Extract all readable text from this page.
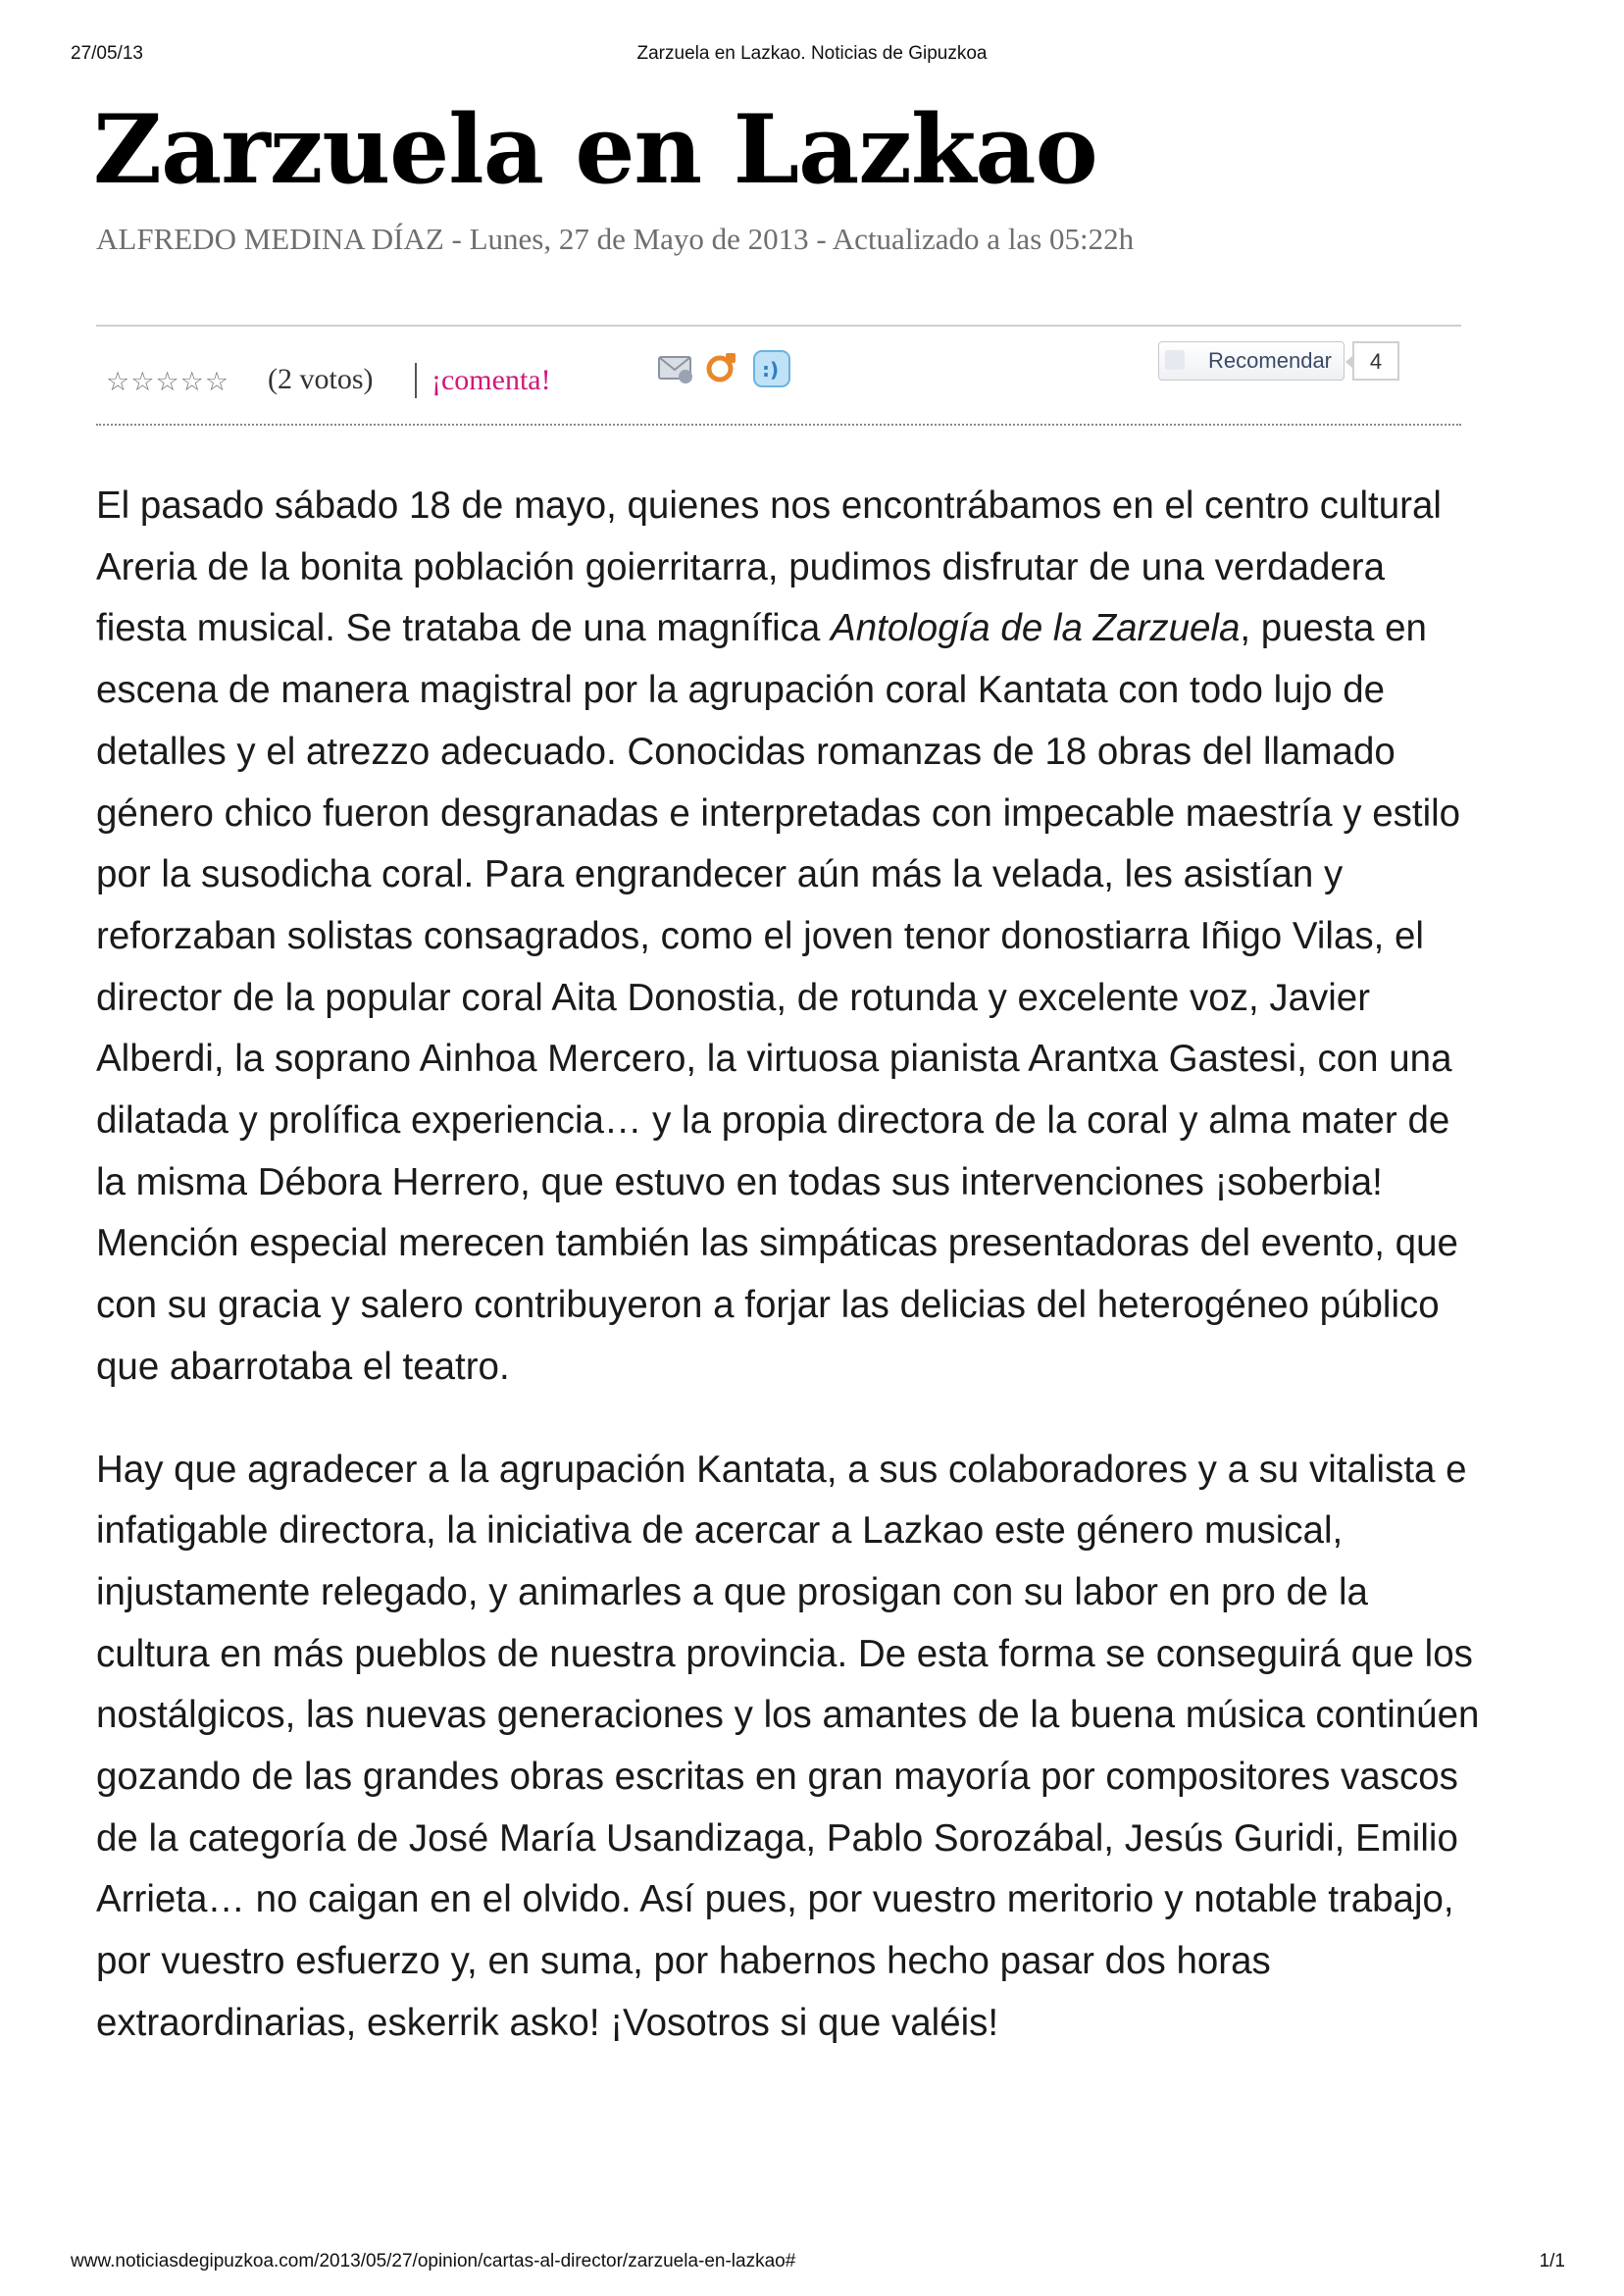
27/05/13	Zarzuela en Lazkao. Noticias de Gipuzkoa
Zarzuela en Lazkao
ALFREDO MEDINA DÍAZ - Lunes, 27 de Mayo de 2013 - Actualizado a las 05:22h
☆☆☆☆☆ (2 votos) ¡comenta!
	:)	Recomendar	4

El pasado sábado 18 de mayo, quienes nos encontrábamos en el centro cultural
Areria de la bonita población goierritarra, pudimos disfrutar de una verdadera
fiesta musical. Se trataba de una magnífica Antología de la Zarzuela, puesta en
escena de manera magistral por la agrupación coral Kantata con todo lujo de
detalles y el atrezzo adecuado. Conocidas romanzas de 18 obras del llamado
género chico fueron desgranadas e interpretadas con impecable maestría y estilo
por la susodicha coral. Para engrandecer aún más la velada, les asistían y
reforzaban solistas consagrados, como el joven tenor donostiarra Iñigo Vilas, el
director de la popular coral Aita Donostia, de rotunda y excelente voz, Javier
Alberdi, la soprano Ainhoa Mercero, la virtuosa pianista Arantxa Gastesi, con una
dilatada y prolífica experiencia… y la propia directora de la coral y alma mater de
la misma Débora Herrero, que estuvo en todas sus intervenciones ¡soberbia!
Mención especial merecen también las simpáticas presentadoras del evento, que
con su gracia y salero contribuyeron a forjar las delicias del heterogéneo público
que abarrotaba el teatro.

Hay que agradecer a la agrupación Kantata, a sus colaboradores y a su vitalista e
infatigable directora, la iniciativa de acercar a Lazkao este género musical,
injustamente relegado, y animarles a que prosigan con su labor en pro de la
cultura en más pueblos de nuestra provincia. De esta forma se conseguirá que los
nostálgicos, las nuevas generaciones y los amantes de la buena música continúen
gozando de las grandes obras escritas en gran mayoría por compositores vascos
de la categoría de José María Usandizaga, Pablo Sorozábal, Jesús Guridi, Emilio
Arrieta… no caigan en el olvido. Así pues, por vuestro meritorio y notable trabajo,
por vuestro esfuerzo y, en suma, por habernos hecho pasar dos horas
extraordinarias, eskerrik asko! ¡Vosotros si que valéis!

www.noticiasdegipuzkoa.com/2013/05/27/opinion/cartas-al-director/zarzuela-en-lazkao#	1/1
